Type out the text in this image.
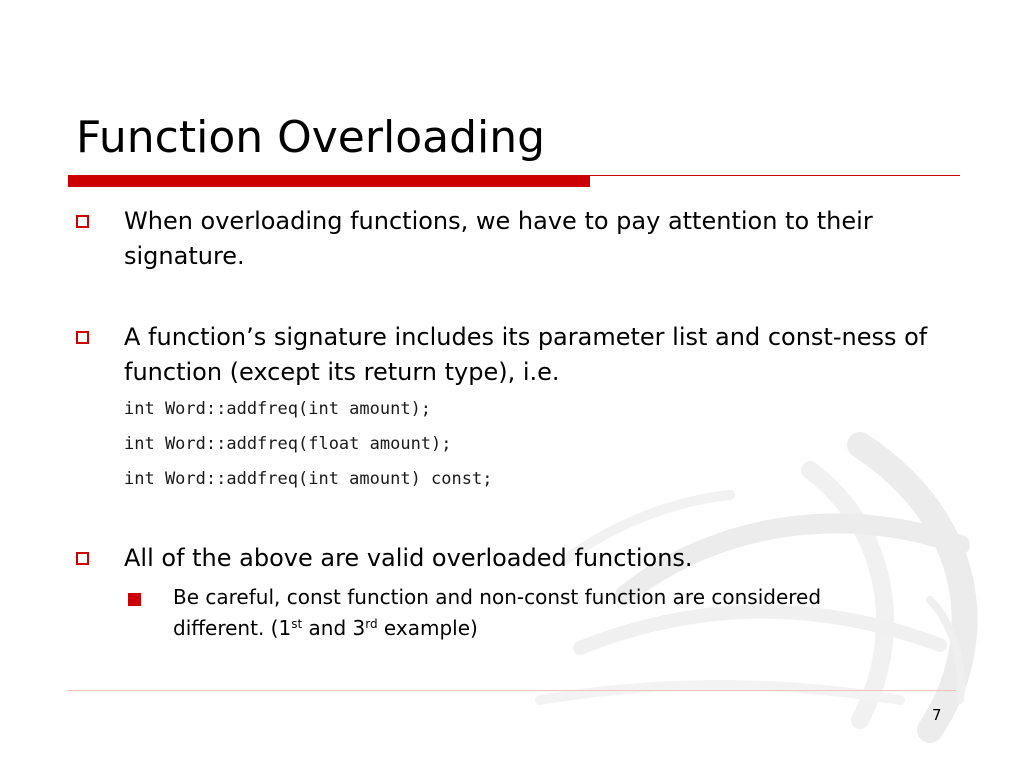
Function Overloading
When overloading functions, we have to pay attention to their signature.
A function’s signature includes its parameter list and const-ness of function (except its return type), i.e.
int Word::addfreq(int amount);
int Word::addfreq(float amount);
int Word::addfreq(int amount) const;
All of the above are valid overloaded functions.
Be careful, const function and non-const function are considered different. (1st and 3rd example)
7
